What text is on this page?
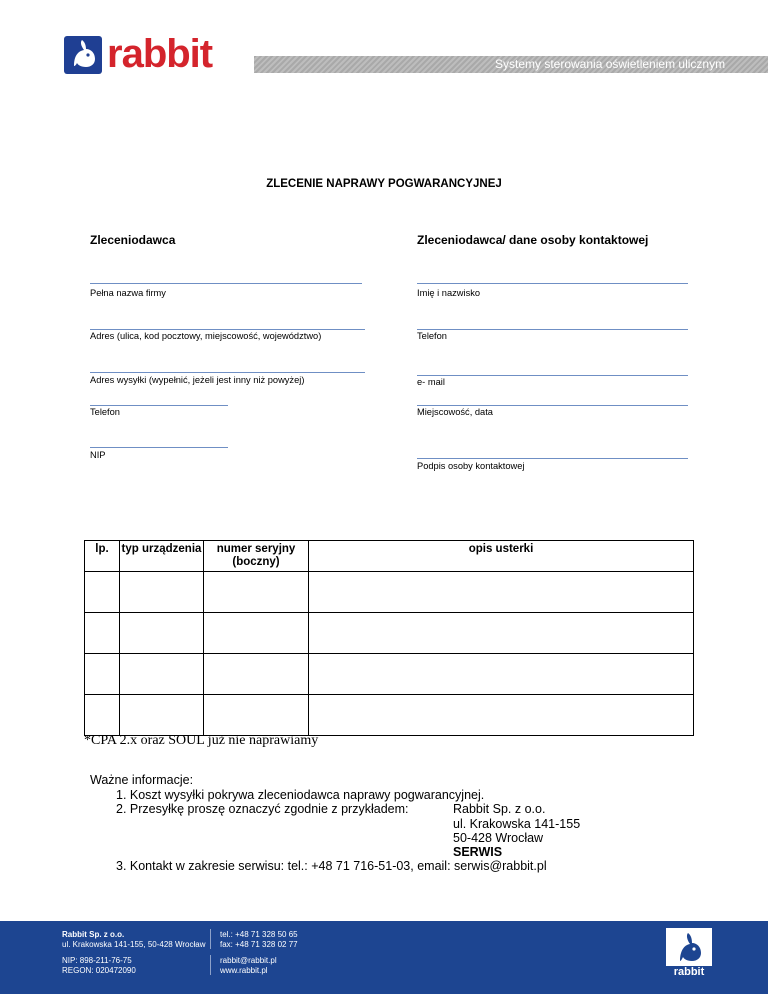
rabbit	Systemy sterowania oświetleniem ulicznym
ZLECENIE NAPRAWY POGWARANCYJNEJ
Zleceniodawca
Pełna nazwa firmy
Adres (ulica, kod pocztowy, miejscowość, województwo)
Adres wysyłki (wypełnić, jeżeli jest inny niż powyżej)
Telefon
NIP
Zleceniodawca/ dane osoby kontaktowej
Imię i nazwisko
Telefon
e- mail
Miejscowość, data
Podpis osoby kontaktowej
lp.	typ urządzenia	numer seryjny (boczny)	opis usterki

*CPA 2.x oraz SOUL już nie naprawiamy
Ważne informacje:
1. Koszt wysyłki pokrywa zleceniodawca naprawy pogwarancyjnej.
2. Przesyłkę proszę oznaczyć zgodnie z przykładem:	Rabbit Sp. z o.o.
ul. Krakowska 141-155
50-428 Wrocław
SERWIS
3. Kontakt w zakresie serwisu: tel.: +48 71 716-51-03, email: serwis@rabbit.pl
Rabbit Sp. z o.o.
ul. Krakowska 141-155, 50-428 Wrocław
NIP: 898-211-76-75
REGON: 020472090
tel.: +48 71 328 50 65
fax: +48 71 328 02 77
rabbit@rabbit.pl
www.rabbit.pl	rabbit
